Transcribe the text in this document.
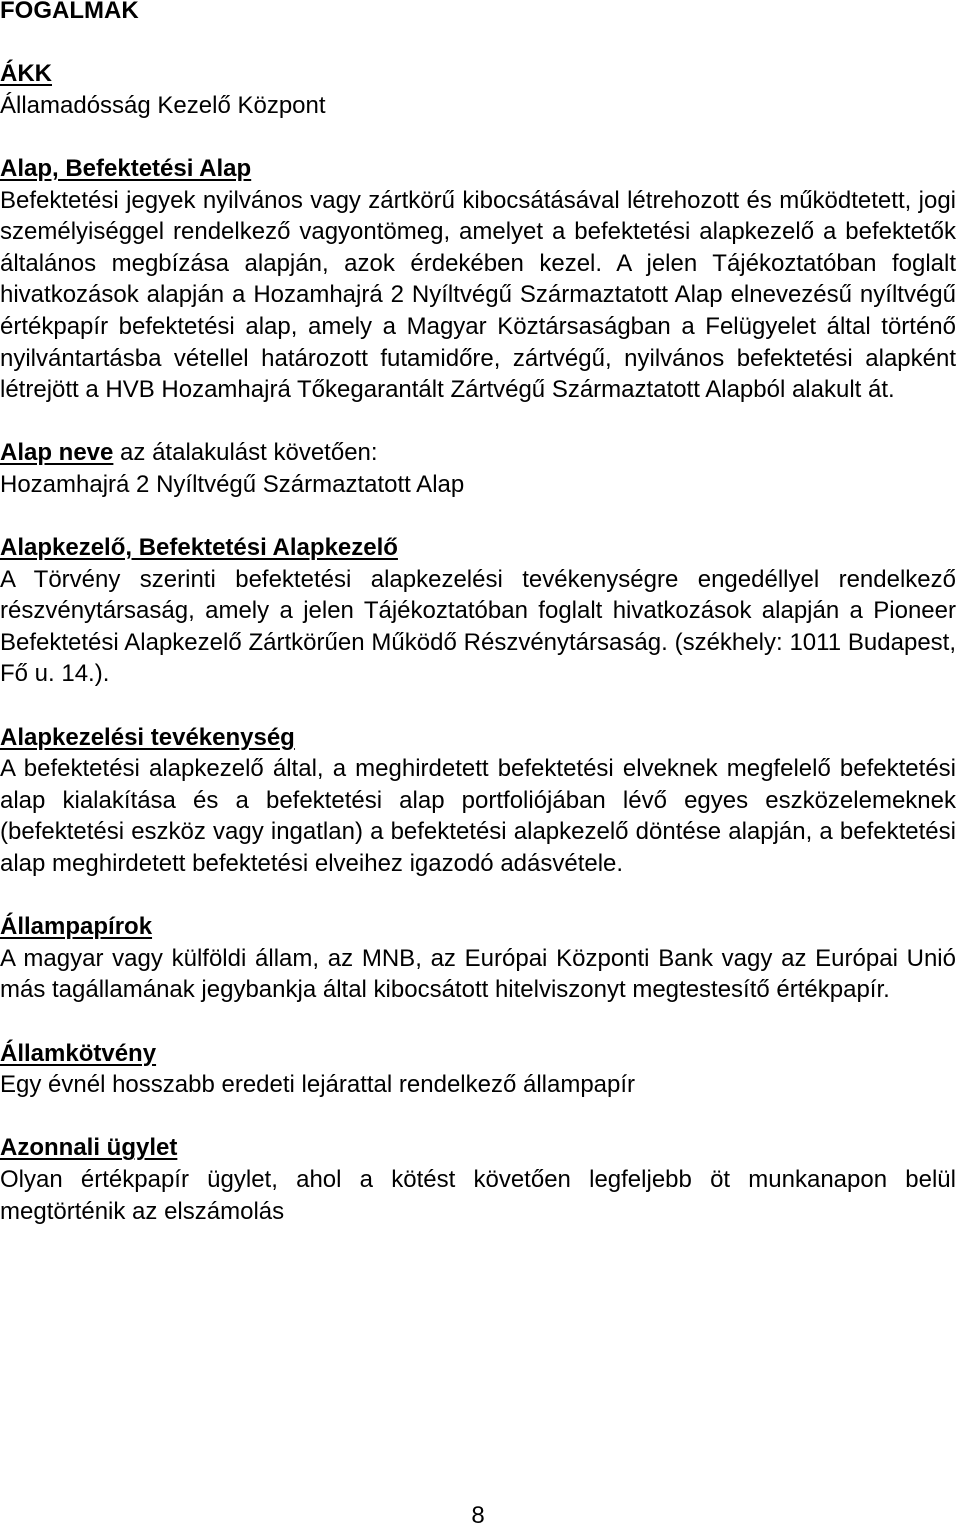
FOGALMAK

ÁKK
Államadósság Kezelő Központ

Alap, Befektetési Alap
Befektetési jegyek nyilvános vagy zártkörű kibocsátásával létrehozott és működtetett, jogi személyiséggel rendelkező vagyontömeg, amelyet a befektetési alapkezelő a befektetők általános megbízása alapján, azok érdekében kezel. A jelen Tájékoztatóban foglalt hivatkozások alapján a Hozamhajrá 2 Nyíltvégű Származtatott Alap elnevezésű nyíltvégű értékpapír befektetési alap, amely a Magyar Köztársaságban a Felügyelet által történő nyilvántartásba vétellel határozott futamidőre, zártvégű, nyilvános befektetési alapként létrejött a HVB Hozamhajrá Tőkegarantált Zártvégű Származtatott Alapból alakult át.

Alap neve az átalakulást követően:
Hozamhajrá 2 Nyíltvégű Származtatott Alap

Alapkezelő, Befektetési Alapkezelő
A Törvény szerinti befektetési alapkezelési tevékenységre engedéllyel rendelkező részvénytársaság, amely a jelen Tájékoztatóban foglalt hivatkozások alapján a Pioneer Befektetési Alapkezelő Zártkörűen Működő Részvénytársaság. (székhely: 1011 Budapest, Fő u. 14.).

Alapkezelési tevékenység
A befektetési alapkezelő által, a meghirdetett befektetési elveknek megfelelő befektetési alap kialakítása és a befektetési alap portfoliójában lévő egyes eszközelemeknek (befektetési eszköz vagy ingatlan) a befektetési alapkezelő döntése alapján, a befektetési alap meghirdetett befektetési elveihez igazodó adásvétele.

Állampapírok
A magyar vagy külföldi állam, az MNB, az Európai Központi Bank vagy az Európai Unió más tagállamának jegybankja által kibocsátott hitelviszonyt megtestesítő értékpapír.

Államkötvény
Egy évnél hosszabb eredeti lejárattal rendelkező állampapír

Azonnali ügylet
Olyan értékpapír ügylet, ahol a kötést követően legfeljebb öt munkanapon belül megtörténik az elszámolás

8
